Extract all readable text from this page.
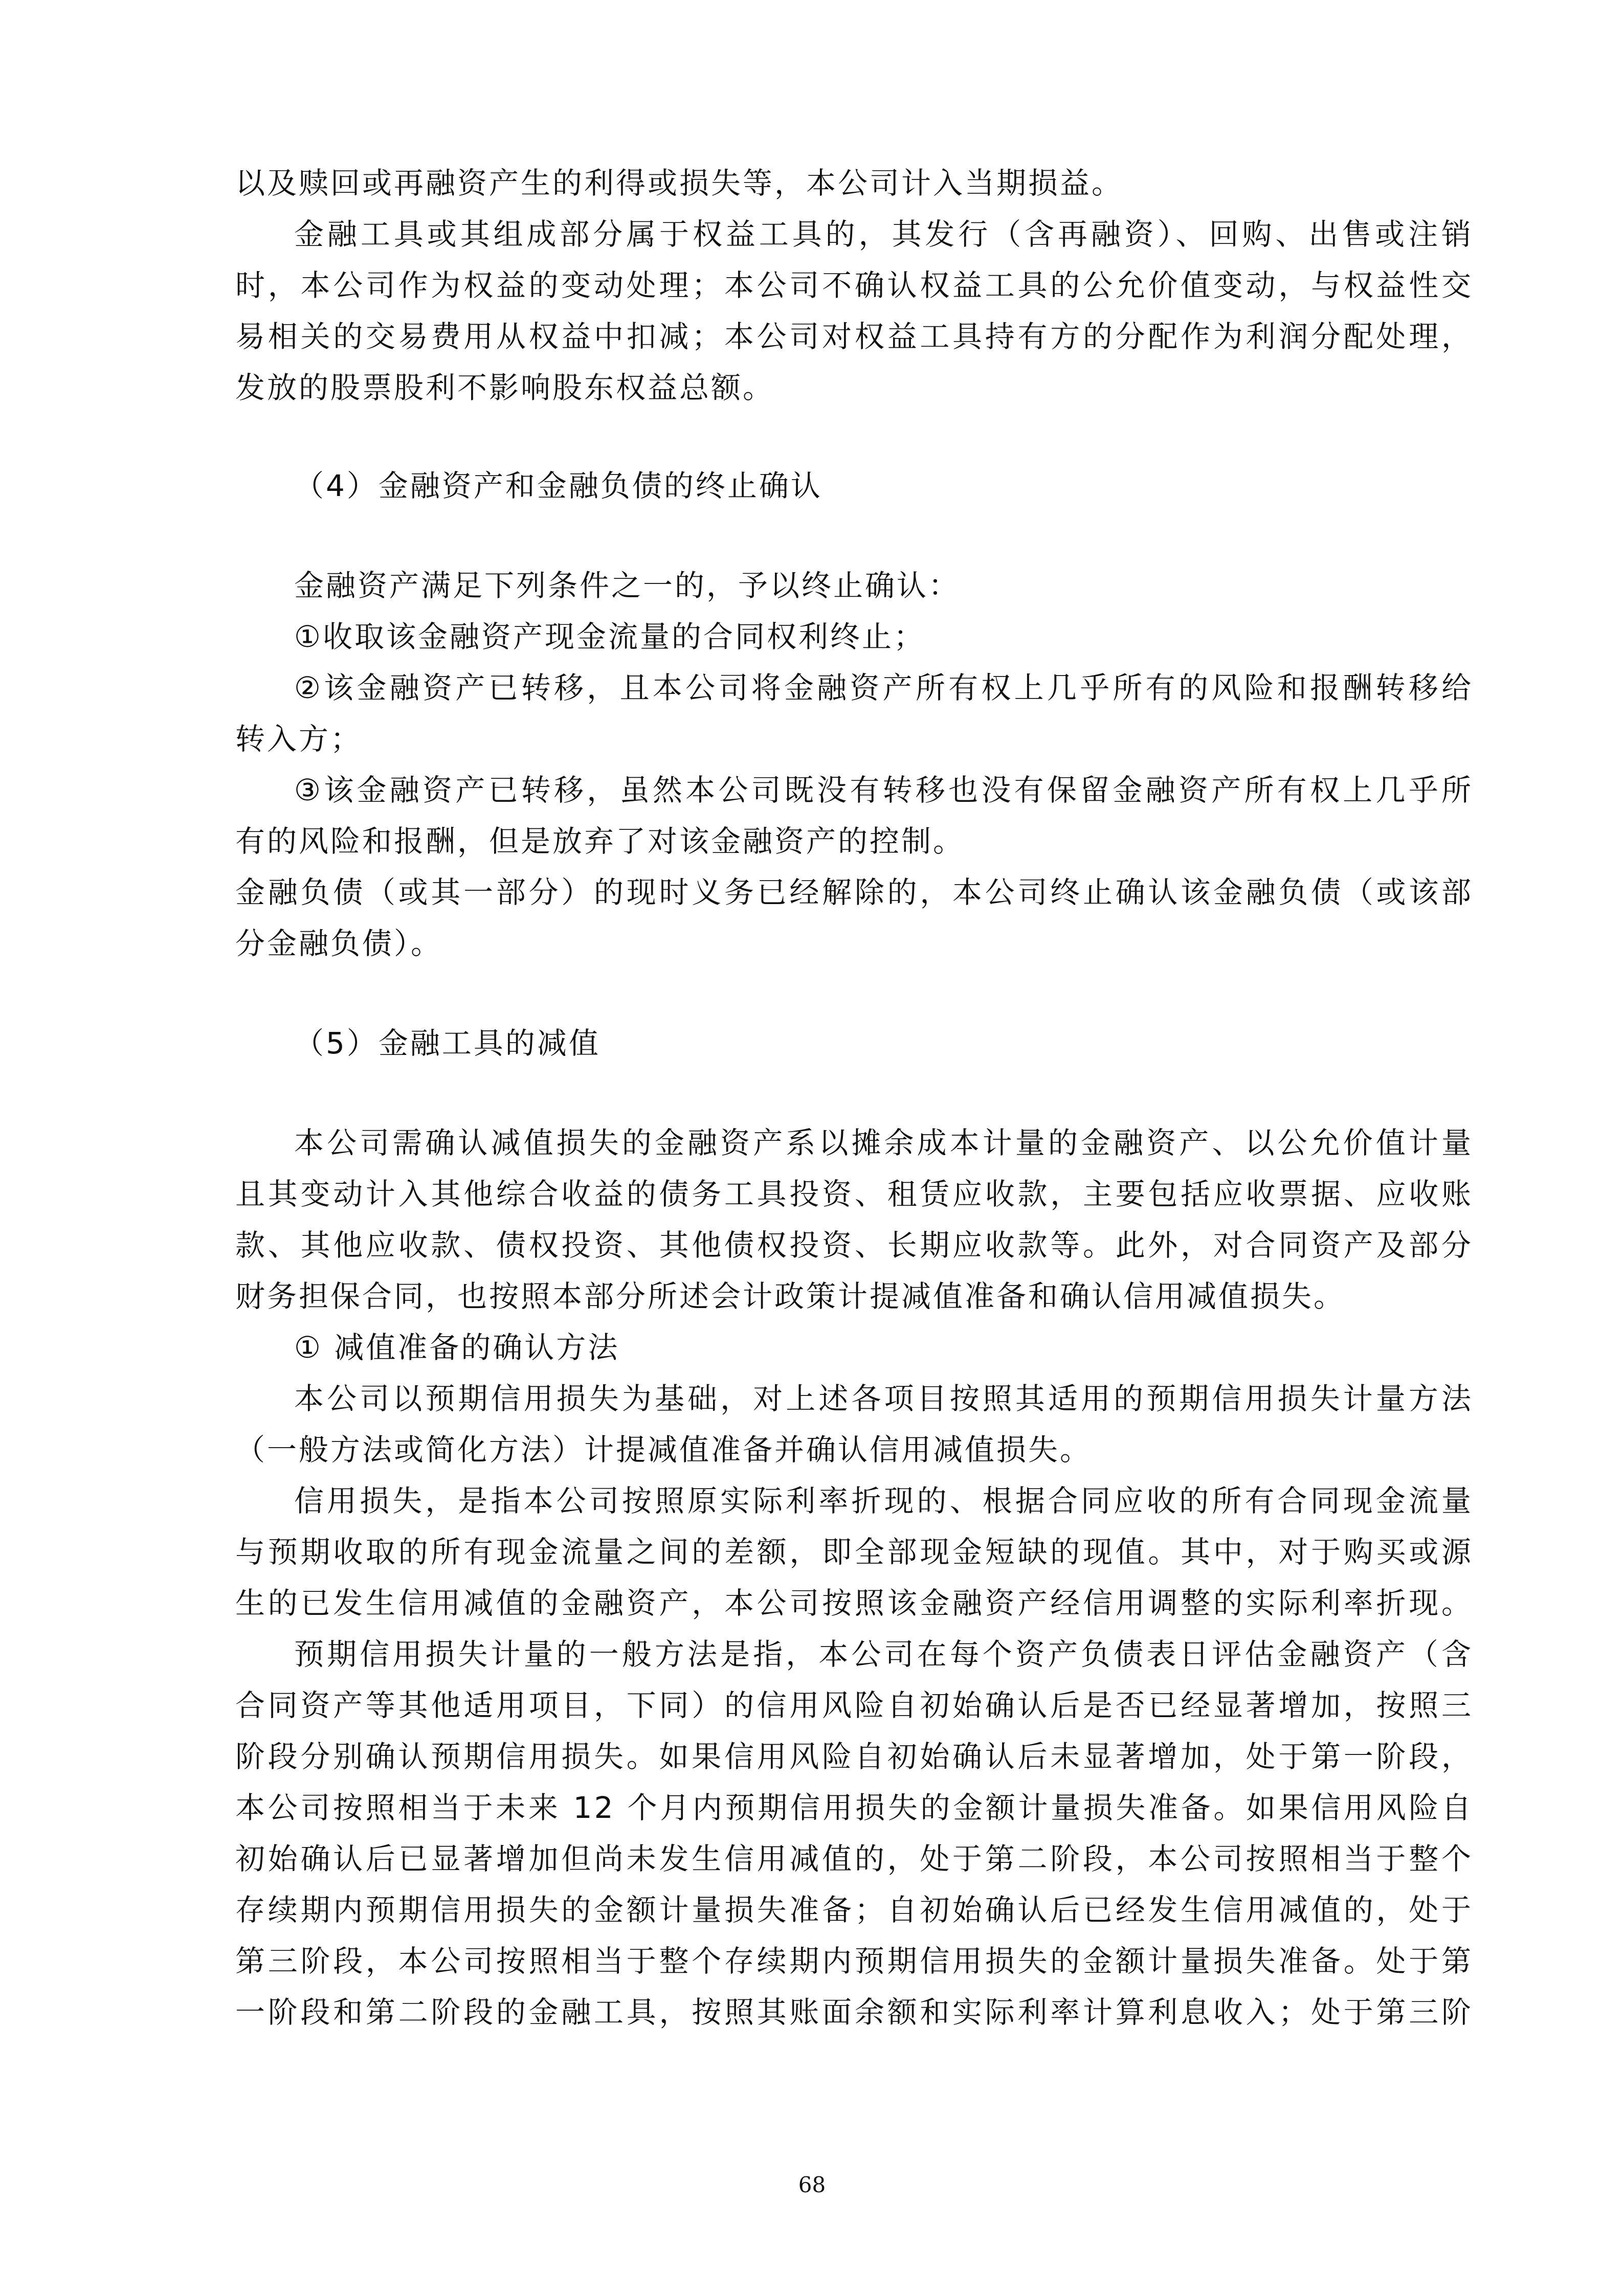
以及赎回或再融资产生的利得或损失等，本公司计入当期损益。
金融工具或其组成部分属于权益工具的，其发行（含再融资）、回购、出售或注销
时，本公司作为权益的变动处理；本公司不确认权益工具的公允价值变动，与权益性交
易相关的交易费用从权益中扣减；本公司对权益工具持有方的分配作为利润分配处理，
发放的股票股利不影响股东权益总额。
（4）金融资产和金融负债的终止确认
金融资产满足下列条件之一的，予以终止确认：
①收取该金融资产现金流量的合同权利终止；
②该金融资产已转移，且本公司将金融资产所有权上几乎所有的风险和报酬转移给
转入方；
③该金融资产已转移，虽然本公司既没有转移也没有保留金融资产所有权上几乎所
有的风险和报酬，但是放弃了对该金融资产的控制。
金融负债（或其一部分）的现时义务已经解除的，本公司终止确认该金融负债（或该部
分金融负债）。
（5）金融工具的减值
本公司需确认减值损失的金融资产系以摊余成本计量的金融资产、以公允价值计量
且其变动计入其他综合收益的债务工具投资、租赁应收款，主要包括应收票据、应收账
款、其他应收款、债权投资、其他债权投资、长期应收款等。此外，对合同资产及部分
财务担保合同，也按照本部分所述会计政策计提减值准备和确认信用减值损失。
① 减值准备的确认方法
本公司以预期信用损失为基础，对上述各项目按照其适用的预期信用损失计量方法
（一般方法或简化方法）计提减值准备并确认信用减值损失。
信用损失，是指本公司按照原实际利率折现的、根据合同应收的所有合同现金流量
与预期收取的所有现金流量之间的差额，即全部现金短缺的现值。其中，对于购买或源
生的已发生信用减值的金融资产，本公司按照该金融资产经信用调整的实际利率折现。
预期信用损失计量的一般方法是指，本公司在每个资产负债表日评估金融资产（含
合同资产等其他适用项目，下同）的信用风险自初始确认后是否已经显著增加，按照三
阶段分别确认预期信用损失。如果信用风险自初始确认后未显著增加，处于第一阶段，
本公司按照相当于未来 12 个月内预期信用损失的金额计量损失准备。如果信用风险自
初始确认后已显著增加但尚未发生信用减值的，处于第二阶段，本公司按照相当于整个
存续期内预期信用损失的金额计量损失准备；自初始确认后已经发生信用减值的，处于
第三阶段，本公司按照相当于整个存续期内预期信用损失的金额计量损失准备。处于第
一阶段和第二阶段的金融工具，按照其账面余额和实际利率计算利息收入；处于第三阶
68
